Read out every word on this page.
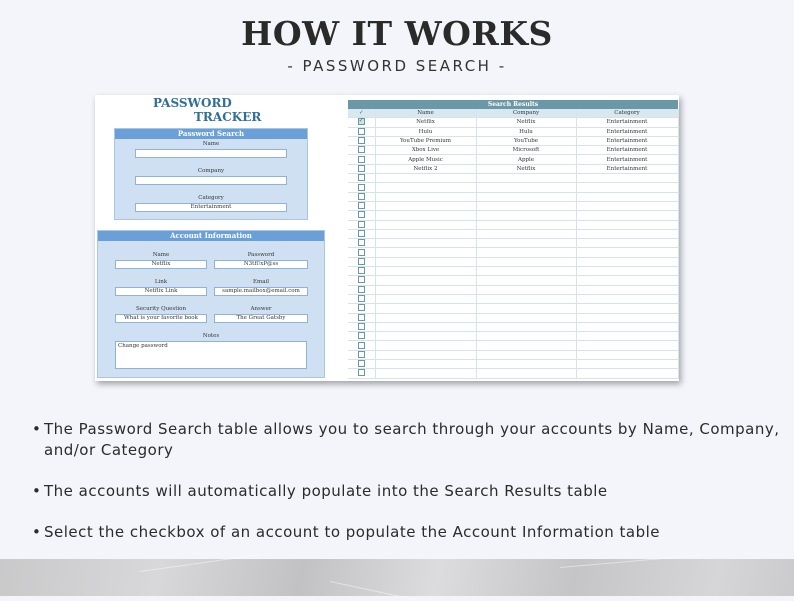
HOW IT WORKS
- PASSWORD SEARCH -
PASSWORD
TRACKER
Password Search
Name
Company
Category
Entertainment
Account Information
Name
Netflix
Password
N3tfl!xP@ss
Link
Netflix Link
Email
sample.mailbox@email.com
Security Question
What is your favorite book
Answer
The Great Gatsby
Notes
Change password
Search Results
✓	Name	Company	Category

✓	Netflix	Netflix	Entertainment
	Hulu	Hulu	Entertainment
	YouTube Premium	YouTube	Entertainment
	Xbox Live	Microsoft	Entertainment
	Apple Music	Apple	Entertainment
	Netflix 2	Netflix	Entertainment

• The Password Search table allows you to search through your accounts by Name, Company, and/or Category
• The accounts will automatically populate into the Search Results table
• Select the checkbox of an account to populate the Account Information table
